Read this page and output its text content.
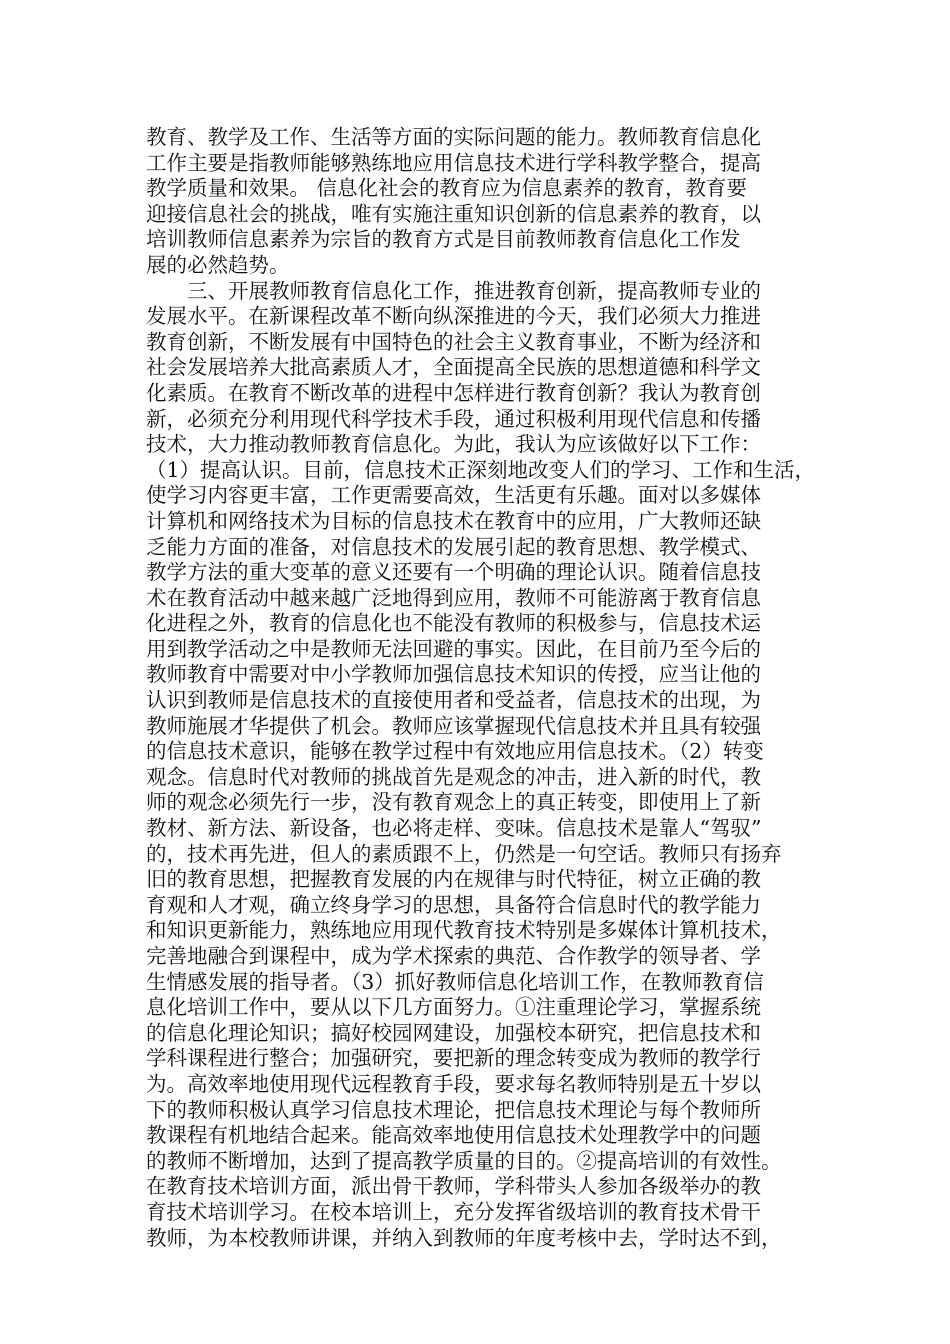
教育、教学及工作、生活等方面的实际问题的能力。教师教育信息化
工作主要是指教师能够熟练地应用信息技术进行学科教学整合，提高
教学质量和效果。 信息化社会的教育应为信息素养的教育，教育要
迎接信息社会的挑战，唯有实施注重知识创新的信息素养的教育，以
培训教师信息素养为宗旨的教育方式是目前教师教育信息化工作发
展的必然趋势。
三、开展教师教育信息化工作，推进教育创新，提高教师专业的
发展水平。在新课程改革不断向纵深推进的今天，我们必须大力推进
教育创新，不断发展有中国特色的社会主义教育事业，不断为经济和
社会发展培养大批高素质人才，全面提高全民族的思想道德和科学文
化素质。在教育不断改革的进程中怎样进行教育创新？我认为教育创
新，必须充分利用现代科学技术手段，通过积极利用现代信息和传播
技术，大力推动教师教育信息化。为此，我认为应该做好以下工作：
（1）提高认识。目前，信息技术正深刻地改变人们的学习、工作和生活，
使学习内容更丰富，工作更需要高效，生活更有乐趣。面对以多媒体
计算机和网络技术为目标的信息技术在教育中的应用，广大教师还缺
乏能力方面的准备，对信息技术的发展引起的教育思想、教学模式、
教学方法的重大变革的意义还要有一个明确的理论认识。随着信息技
术在教育活动中越来越广泛地得到应用，教师不可能游离于教育信息
化进程之外，教育的信息化也不能没有教师的积极参与，信息技术运
用到教学活动之中是教师无法回避的事实。因此，在目前乃至今后的
教师教育中需要对中小学教师加强信息技术知识的传授，应当让他的
认识到教师是信息技术的直接使用者和受益者，信息技术的出现，为
教师施展才华提供了机会。教师应该掌握现代信息技术并且具有较强
的信息技术意识，能够在教学过程中有效地应用信息技术。（2）转变
观念。信息时代对教师的挑战首先是观念的冲击，进入新的时代，教
师的观念必须先行一步，没有教育观念上的真正转变，即使用上了新
教材、新方法、新设备，也必将走样、变味。信息技术是靠人“驾驭”
的，技术再先进，但人的素质跟不上，仍然是一句空话。教师只有扬弃
旧的教育思想，把握教育发展的内在规律与时代特征，树立正确的教
育观和人才观，确立终身学习的思想，具备符合信息时代的教学能力
和知识更新能力，熟练地应用现代教育技术特别是多媒体计算机技术，
完善地融合到课程中，成为学术探索的典范、合作教学的领导者、学
生情感发展的指导者。（3）抓好教师信息化培训工作，在教师教育信
息化培训工作中，要从以下几方面努力。①注重理论学习，掌握系统
的信息化理论知识；搞好校园网建设，加强校本研究，把信息技术和
学科课程进行整合；加强研究，要把新的理念转变成为教师的教学行
为。高效率地使用现代远程教育手段，要求每名教师特别是五十岁以
下的教师积极认真学习信息技术理论，把信息技术理论与每个教师所
教课程有机地结合起来。能高效率地使用信息技术处理教学中的问题
的教师不断增加，达到了提高教学质量的目的。②提高培训的有效性。
在教育技术培训方面，派出骨干教师，学科带头人参加各级举办的教
育技术培训学习。在校本培训上，充分发挥省级培训的教育技术骨干
教师，为本校教师讲课，并纳入到教师的年度考核中去，学时达不到，
